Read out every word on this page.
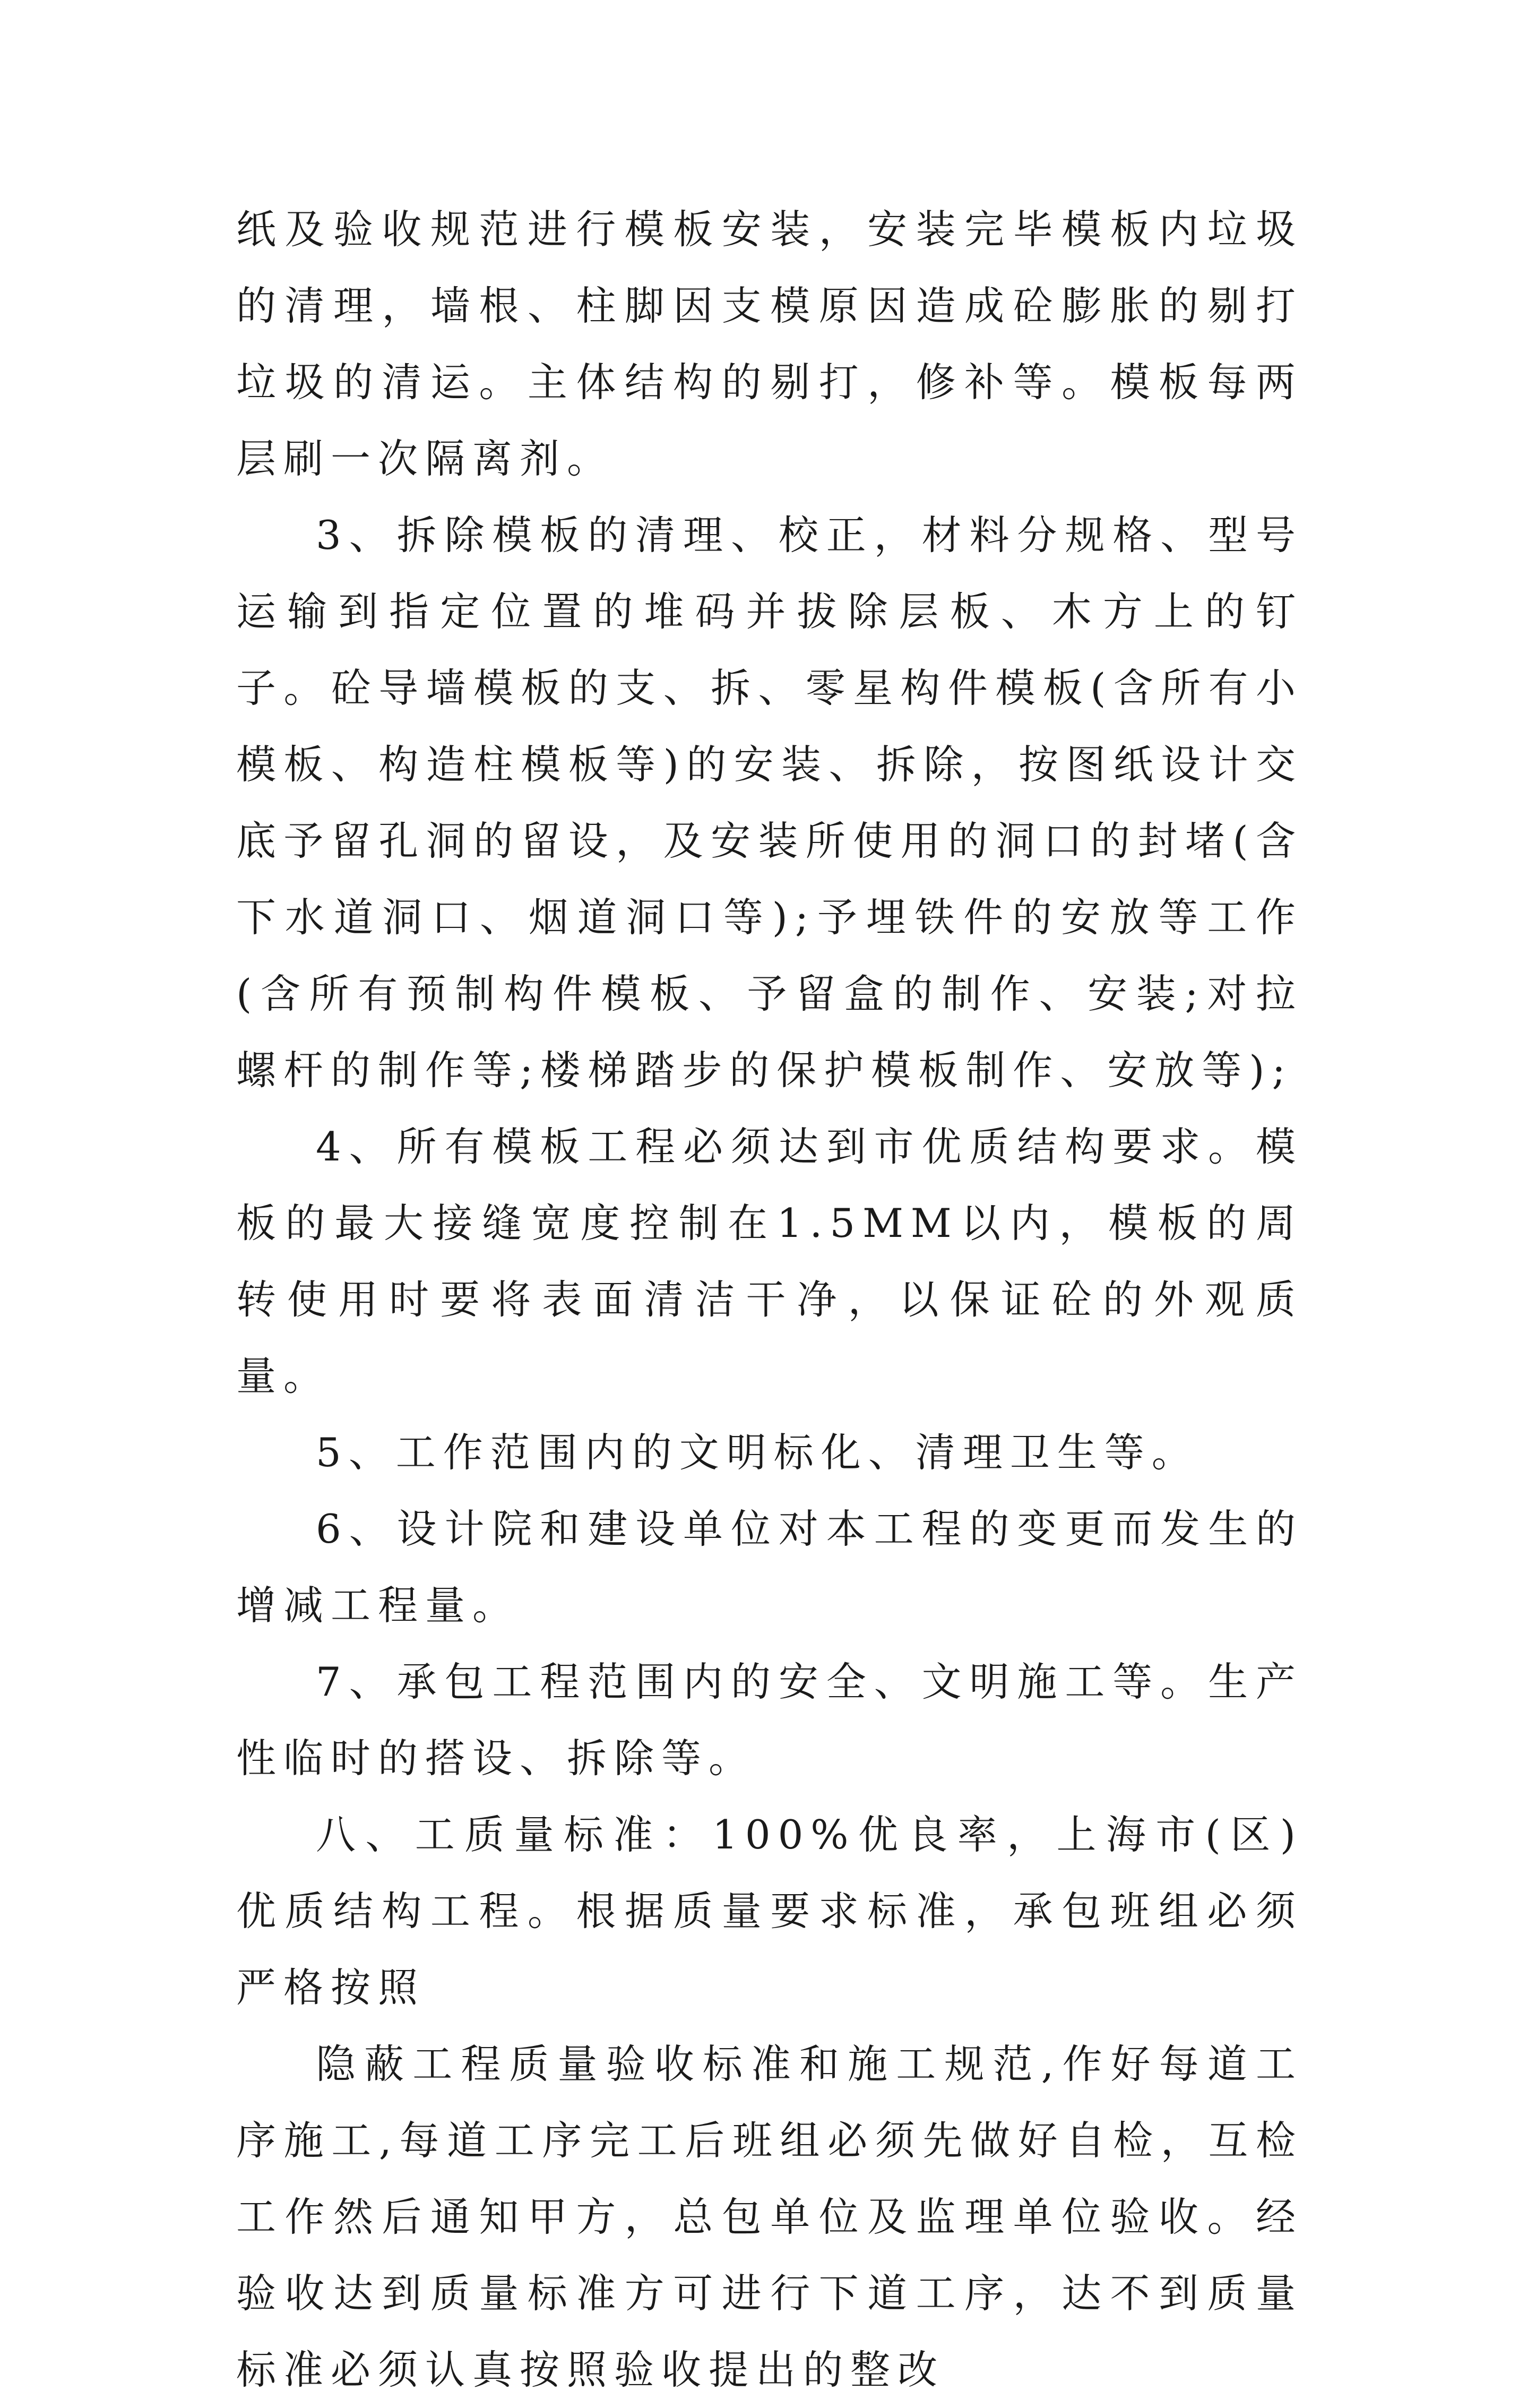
纸及验收规范进行模板安装，安装完毕模板内垃圾的清理，墙根、柱脚因支模原因造成砼膨胀的剔打垃圾的清运。主体结构的剔打，修补等。模板每两层刷一次隔离剂。

3、拆除模板的清理、校正，材料分规格、型号运输到指定位置的堆码并拔除层板、木方上的钉子。砼导墙模板的支、拆、零星构件模板(含所有小模板、构造柱模板等)的安装、拆除，按图纸设计交底予留孔洞的留设，及安装所使用的洞口的封堵(含下水道洞口、烟道洞口等);予埋铁件的安放等工作(含所有预制构件模板、予留盒的制作、安装;对拉螺杆的制作等;楼梯踏步的保护模板制作、安放等);

4、所有模板工程必须达到市优质结构要求。模板的最大接缝宽度控制在1.5MM以内，模板的周转使用时要将表面清洁干净，以保证砼的外观质量。

5、工作范围内的文明标化、清理卫生等。

6、设计院和建设单位对本工程的变更而发生的增减工程量。

7、承包工程范围内的安全、文明施工等。生产性临时的搭设、拆除等。

八、工质量标准：100%优良率，上海市(区)优质结构工程。根据质量要求标准，承包班组必须严格按照

隐蔽工程质量验收标准和施工规范,作好每道工序施工,每道工序完工后班组必须先做好自检，互检工作然后通知甲方，总包单位及监理单位验收。经验收达到质量标准方可进行下道工序，达不到质量标准必须认真按照验收提出的整改
